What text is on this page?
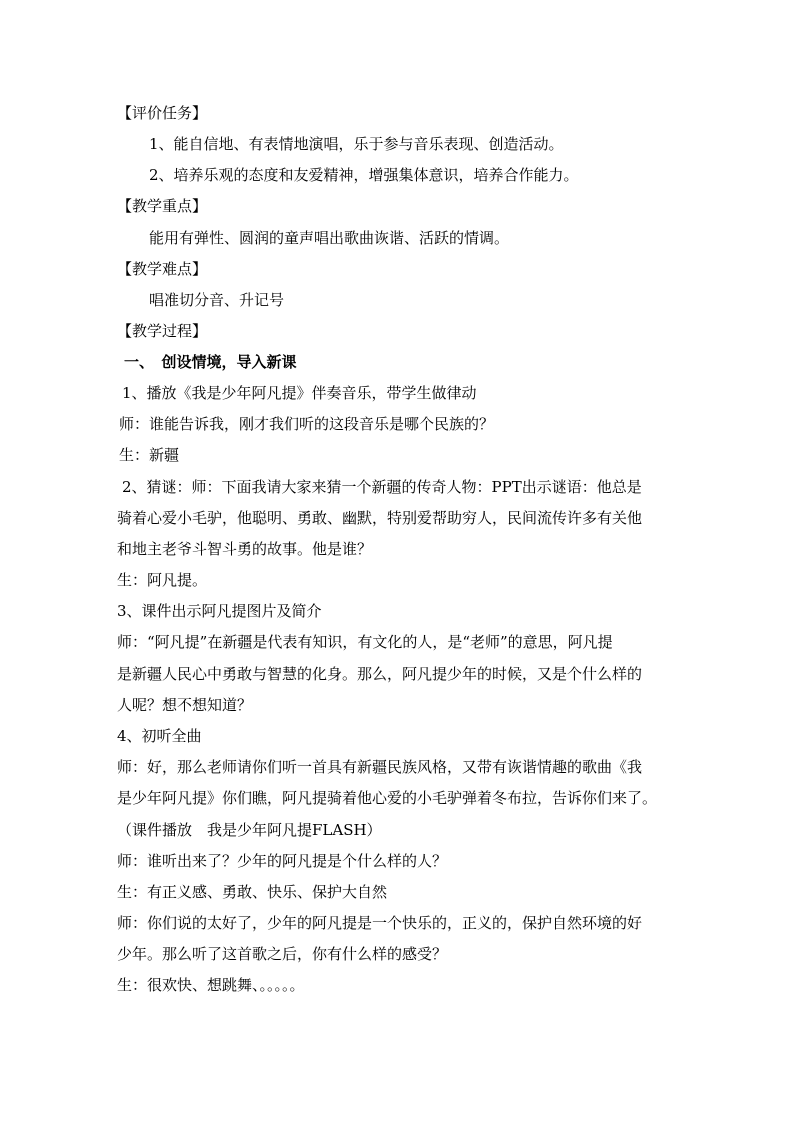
【评价任务】
1、能自信地、有表情地演唱，乐于参与音乐表现、创造活动。
2、培养乐观的态度和友爱精神，增强集体意识，培养合作能力。
【教学重点】
能用有弹性、圆润的童声唱出歌曲诙谐、活跃的情调。
【教学难点】
唱准切分音、升记号
【教学过程】
一、　创设情境，导入新课
1、播放《我是少年阿凡提》伴奏音乐，带学生做律动
师：谁能告诉我，刚才我们听的这段音乐是哪个民族的？
生：新疆
2、猜谜：师：下面我请大家来猜一个新疆的传奇人物：PPT出示谜语：他总是
骑着心爱小毛驴，他聪明、勇敢、幽默，特别爱帮助穷人，民间流传许多有关他
和地主老爷斗智斗勇的故事。他是谁？
生：阿凡提。
3、课件出示阿凡提图片及简介
师：“阿凡提”在新疆是代表有知识，有文化的人，是“老师”的意思，阿凡提
是新疆人民心中勇敢与智慧的化身。那么，阿凡提少年的时候，又是个什么样的
人呢？想不想知道？
4、初听全曲
师：好，那么老师请你们听一首具有新疆民族风格，又带有诙谐情趣的歌曲《我
是少年阿凡提》你们瞧，阿凡提骑着他心爱的小毛驴弹着冬布拉，告诉你们来了。
（课件播放　我是少年阿凡提FLASH）
师：谁听出来了？少年的阿凡提是个什么样的人？
生：有正义感、勇敢、快乐、保护大自然
师：你们说的太好了，少年的阿凡提是一个快乐的，正义的，保护自然环境的好
少年。那么听了这首歌之后，你有什么样的感受？
生：很欢快、想跳舞、。。。。。
